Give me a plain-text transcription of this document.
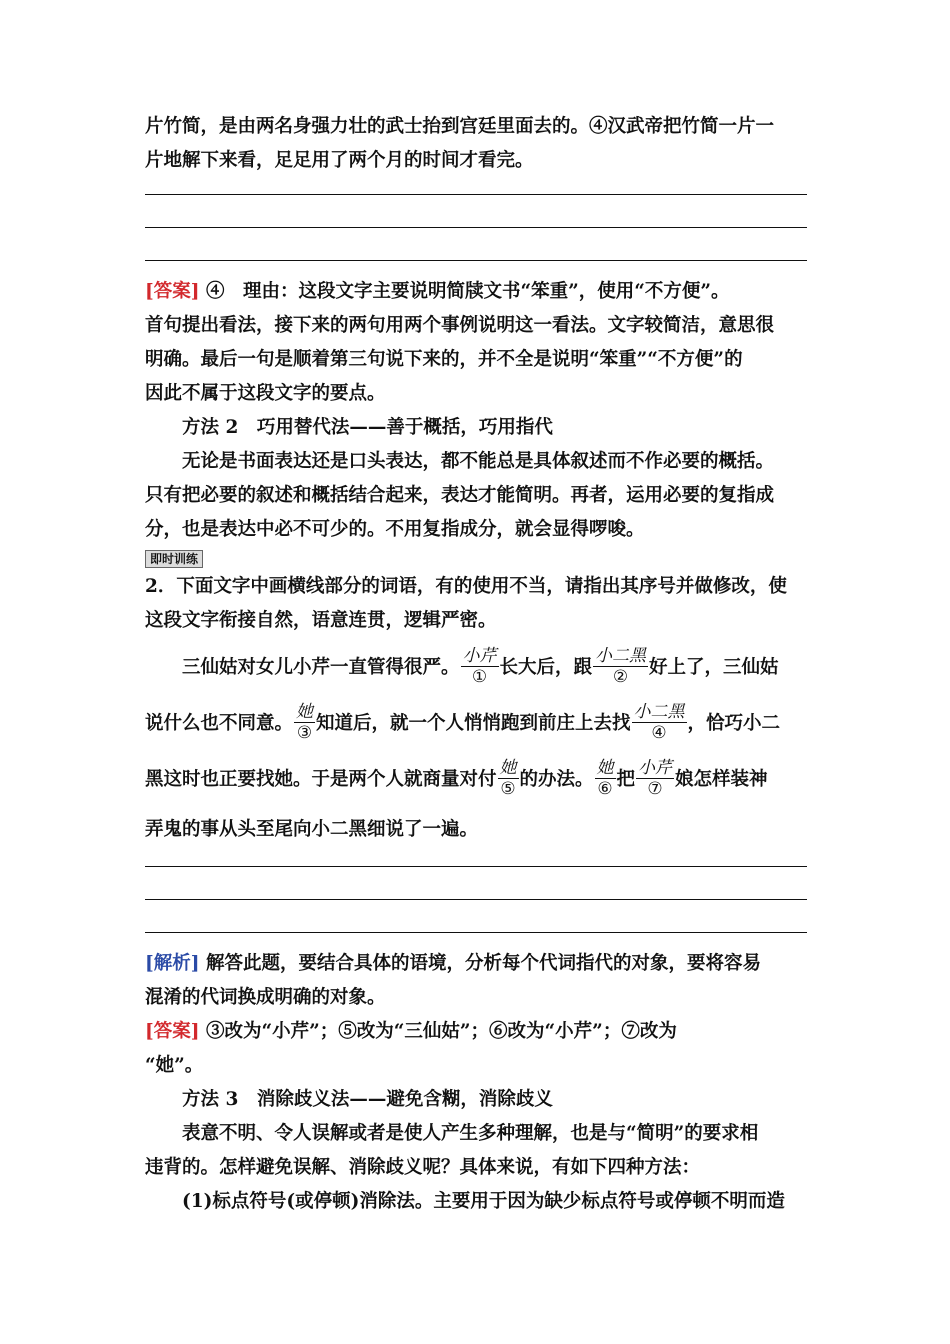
片竹简，是由两名身强力壮的武士抬到宫廷里面去的。④汉武帝把竹简一片一

片地解下来看，足足用了两个月的时间才看完。

[答案] ④　理由：这段文字主要说明简牍文书“笨重”，使用“不方便”。

首句提出看法，接下来的两句用两个事例说明这一看法。文字较简洁，意思很

明确。最后一句是顺着第三句说下来的，并不全是说明“笨重”“不方便”的

因此不属于这段文字的要点。

方法 2　巧用替代法——善于概括，巧用指代

无论是书面表达还是口头表达，都不能总是具体叙述而不作必要的概括。

只有把必要的叙述和概括结合起来，表达才能简明。再者，运用必要的复指成

分，也是表达中必不可少的。不用复指成分，就会显得啰唆。

即时训练

2．下面文字中画横线部分的词语，有的使用不当，请指出其序号并做修改，使

这段文字衔接自然，语意连贯，逻辑严密。

三仙姑对女儿小芹一直管得很严。 $\frac{\text{小芹}}{\text{①}}$ 长大后，跟 $\frac{\text{小二黑}}{\text{②}}$ 好上了，三仙姑
说什么也不同意。 $\frac{\text{她}}{\text{③}}$ 知道后，就一个人悄悄跑到前庄上去找 $\frac{\text{小二黑}}{\text{④}}$ ，恰巧小二
黑这时也正要找她。于是两个人就商量对付 $\frac{\text{她}}{\text{⑤}}$ 的办法。 $\frac{\text{她}}{\text{⑥}}$ 把 $\frac{\text{小芹}}{\text{⑦}}$ 娘怎样装神
弄鬼的事从头至尾向小二黑细说了一遍。

[解析] 解答此题，要结合具体的语境，分析每个代词指代的对象，要将容易

混淆的代词换成明确的对象。

[答案] ③改为“小芹”；⑤改为“三仙姑”；⑥改为“小芹”；⑦改为

“她”。

方法 3　消除歧义法——避免含糊，消除歧义

表意不明、令人误解或者是使人产生多种理解，也是与“简明”的要求相

违背的。怎样避免误解、消除歧义呢？具体来说，有如下四种方法：

(1)标点符号(或停顿)消除法。主要用于因为缺少标点符号或停顿不明而造
